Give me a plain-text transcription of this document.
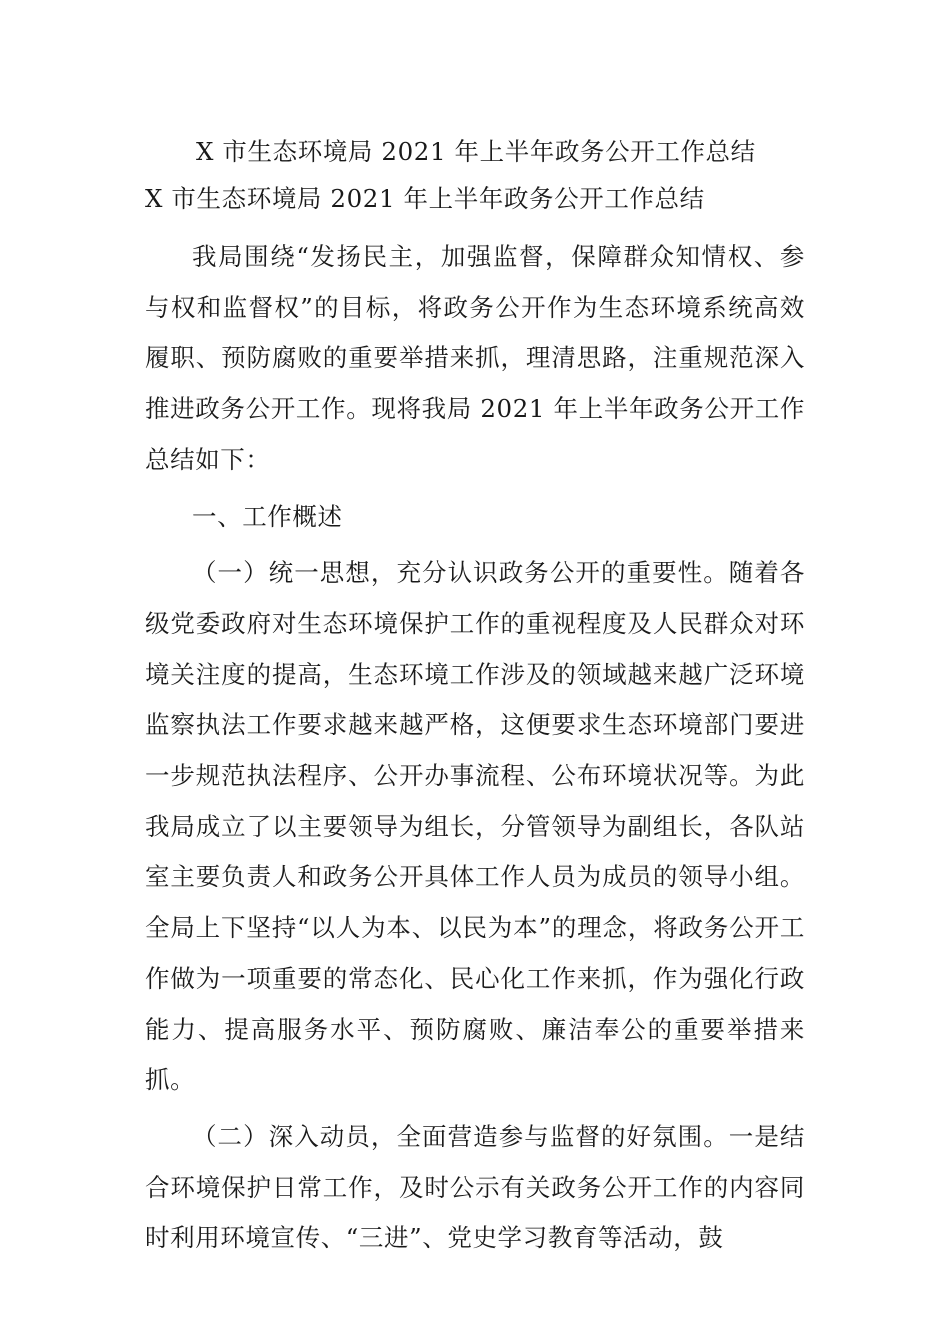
X 市生态环境局 2021 年上半年政务公开工作总结
X 市生态环境局 2021 年上半年政务公开工作总结

我局围绕“发扬民主，加强监督，保障群众知情权、参与权和监督权”的目标，将政务公开作为生态环境系统高效履职、预防腐败的重要举措来抓，理清思路，注重规范深入推进政务公开工作。现将我局 2021 年上半年政务公开工作总结如下：

一、工作概述

（一）统一思想，充分认识政务公开的重要性。随着各级党委政府对生态环境保护工作的重视程度及人民群众对环境关注度的提高，生态环境工作涉及的领域越来越广泛环境监察执法工作要求越来越严格，这便要求生态环境部门要进一步规范执法程序、公开办事流程、公布环境状况等。为此我局成立了以主要领导为组长，分管领导为副组长，各队站室主要负责人和政务公开具体工作人员为成员的领导小组。全局上下坚持“以人为本、以民为本”的理念，将政务公开工作做为一项重要的常态化、民心化工作来抓，作为强化行政能力、提高服务水平、预防腐败、廉洁奉公的重要举措来抓。

（二）深入动员，全面营造参与监督的好氛围。一是结合环境保护日常工作，及时公示有关政务公开工作的内容同时利用环境宣传、“三进”、党史学习教育等活动，鼓
